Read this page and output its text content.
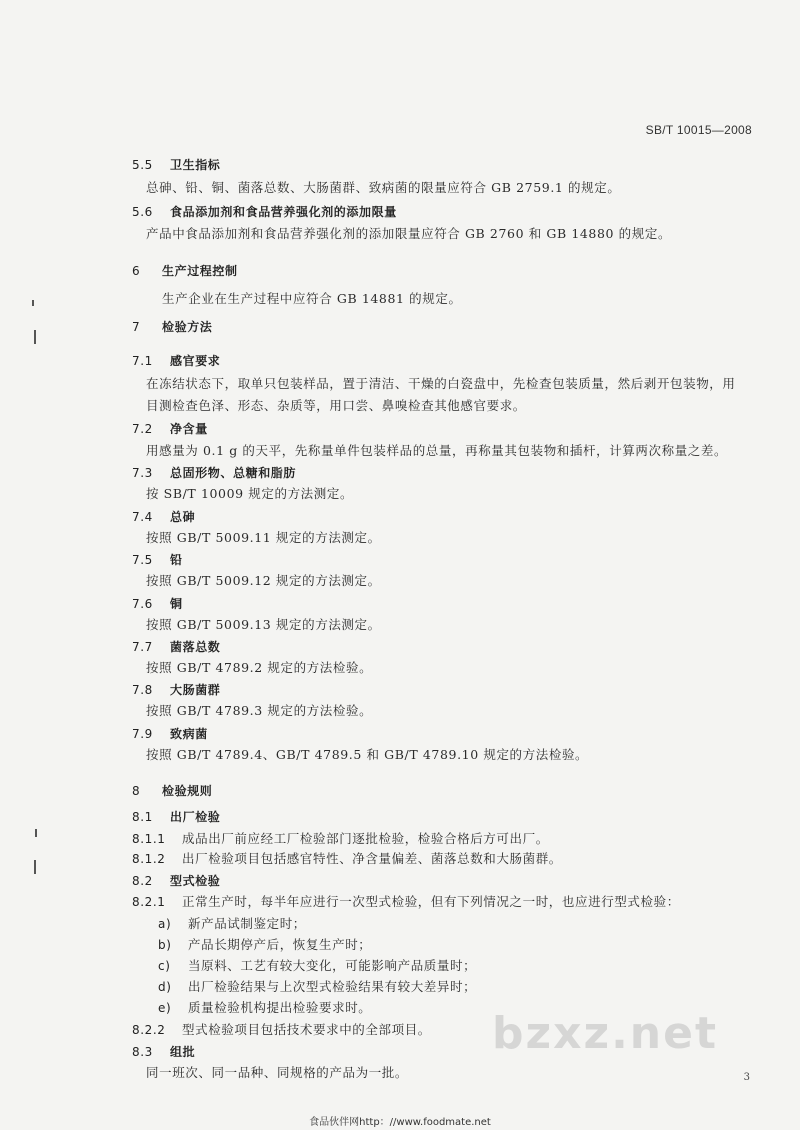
SB/T 10015—2008
5.5 卫生指标
总砷、铅、铜、菌落总数、大肠菌群、致病菌的限量应符合 GB 2759.1 的规定。
5.6 食品添加剂和食品营养强化剂的添加限量
产品中食品添加剂和食品营养强化剂的添加限量应符合 GB 2760 和 GB 14880 的规定。
6 生产过程控制
生产企业在生产过程中应符合 GB 14881 的规定。
7 检验方法
7.1 感官要求
在冻结状态下，取单只包装样品，置于清洁、干燥的白瓷盘中，先检查包装质量，然后剥开包装物，用
目测检查色泽、形态、杂质等，用口尝、鼻嗅检查其他感官要求。
7.2 净含量
用感量为 0.1 g 的天平，先称量单件包装样品的总量，再称量其包装物和插杆，计算两次称量之差。
7.3 总固形物、总糖和脂肪
按 SB/T 10009 规定的方法测定。
7.4 总砷
按照 GB/T 5009.11 规定的方法测定。
7.5 铅
按照 GB/T 5009.12 规定的方法测定。
7.6 铜
按照 GB/T 5009.13 规定的方法测定。
7.7 菌落总数
按照 GB/T 4789.2 规定的方法检验。
7.8 大肠菌群
按照 GB/T 4789.3 规定的方法检验。
7.9 致病菌
按照 GB/T 4789.4、GB/T 4789.5 和 GB/T 4789.10 规定的方法检验。
8 检验规则
8.1 出厂检验
8.1.1 成品出厂前应经工厂检验部门逐批检验，检验合格后方可出厂。
8.1.2 出厂检验项目包括感官特性、净含量偏差、菌落总数和大肠菌群。
8.2 型式检验
8.2.1 正常生产时，每半年应进行一次型式检验，但有下列情况之一时，也应进行型式检验：
a) 新产品试制鉴定时；
b) 产品长期停产后，恢复生产时；
c) 当原料、工艺有较大变化，可能影响产品质量时；
d) 出厂检验结果与上次型式检验结果有较大差异时；
e) 质量检验机构提出检验要求时。
8.2.2 型式检验项目包括技术要求中的全部项目。
8.3 组批
同一班次、同一品种、同规格的产品为一批。
bzxz.net
3
食品伙伴网http：//www.foodmate.net
